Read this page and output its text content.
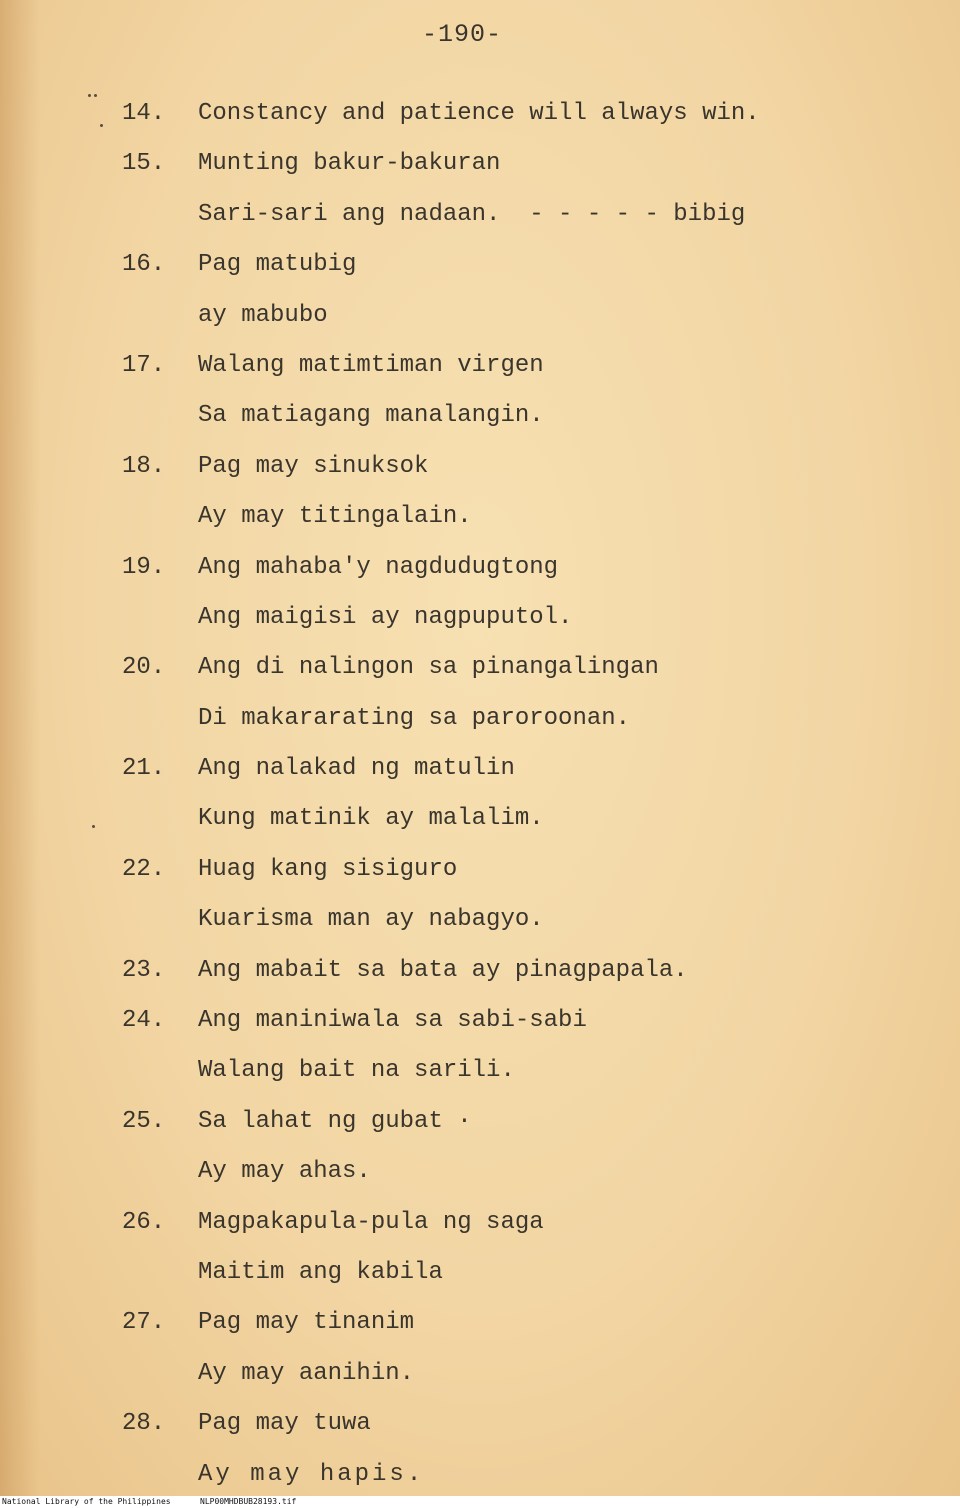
-190-
14. Constancy and patience will always win.
15. Munting bakur-bakuran
Sari-sari ang nadaan.  - - - - - bibig
16. Pag matubig
ay mabubo
17. Walang matimtiman virgen
Sa matiagang manalangin.
18. Pag may sinuksok
Ay may titingalain.
19. Ang mahaba'y nagdudugtong
Ang maigisi ay nagpuputol.
20. Ang di nalingon sa pinangalingan
Di makararating sa paroroonan.
21. Ang nalakad ng matulin
Kung matinik ay malalim.
22. Huag kang sisiguro
Kuarisma man ay nabagyo.
23. Ang mabait sa bata ay pinagpapala.
24. Ang maniniwala sa sabi-sabi
Walang bait na sarili.
25. Sa lahat ng gubat ·
Ay may ahas.
26. Magpakapula-pula ng saga
Maitim ang kabila
27. Pag may tinanim
Ay may aanihin.
28. Pag may tuwa
Ay may hapis.
National Library of the Philippines	NLP00MHDBUB28193.tif
